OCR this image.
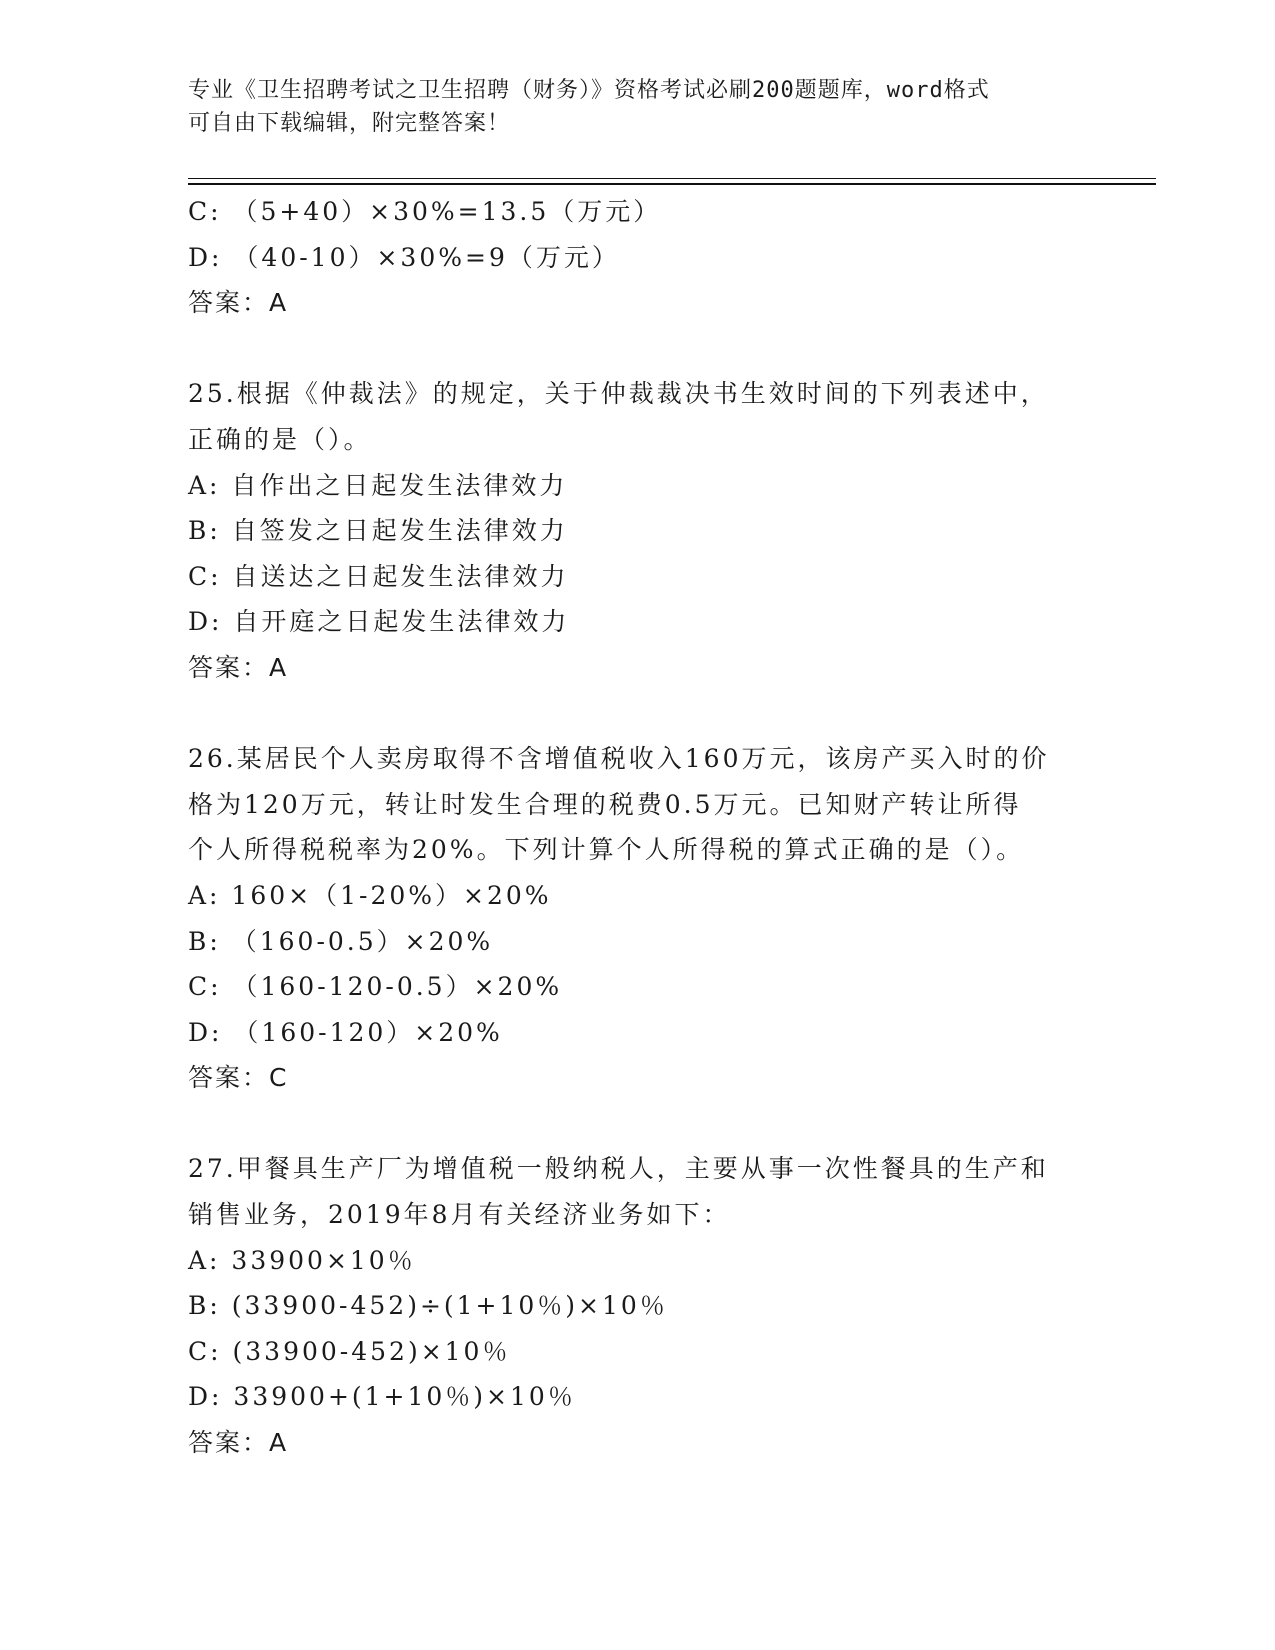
专业《卫生招聘考试之卫生招聘（财务）》资格考试必刷200题题库，word格式
可自由下载编辑，附完整答案！
C: （5+40）×30%=13.5（万元）
D: （40-10）×30%=9（万元）
答案：A
25.根据《仲裁法》的规定，关于仲裁裁决书生效时间的下列表述中，
正确的是（）。
A: 自作出之日起发生法律效力
B: 自签发之日起发生法律效力
C: 自送达之日起发生法律效力
D: 自开庭之日起发生法律效力
答案：A
26.某居民个人卖房取得不含增值税收入160万元，该房产买入时的价
格为120万元，转让时发生合理的税费0.5万元。已知财产转让所得
个人所得税税率为20%。下列计算个人所得税的算式正确的是（）。
A: 160×（1-20%）×20%
B: （160-0.5）×20%
C: （160-120-0.5）×20%
D: （160-120）×20%
答案：C
27.甲餐具生产厂为增值税一般纳税人，主要从事一次性餐具的生产和
销售业务，2019年8月有关经济业务如下：
A: 33900×10％
B: (33900-452)÷(1+10％)×10％
C: (33900-452)×10％
D: 33900+(1+10％)×10％
答案：A
